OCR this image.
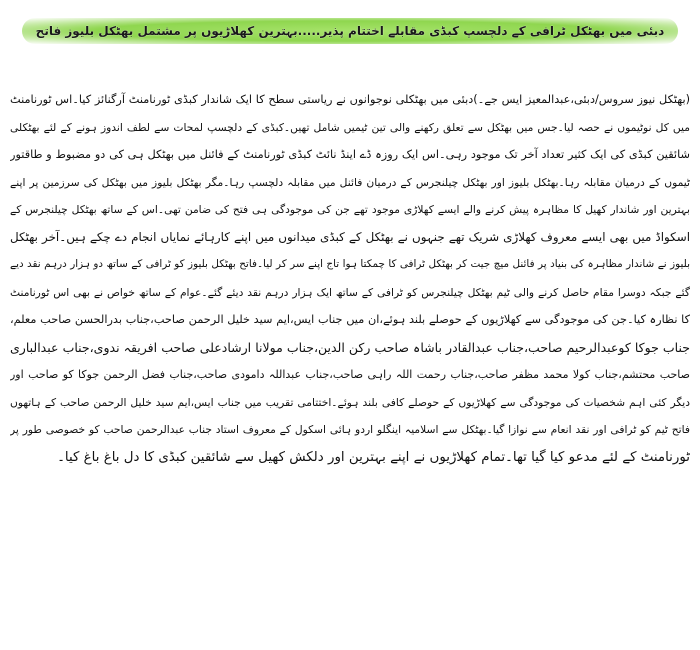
دبئی میں بھٹکل ٹرافی کے دلچسپ کبڈی مقابلے اختتام پذیر.....بہترین کھلاڑیوں پر مشتمل بھٹکل بلیوز فاتح
(بھٹکل نیوز سروس/دبئی،عبدالمعیز ایس جے۔)دبئی میں بھٹکلی نوجوانوں نے ریاستی سطح کا ایک شاندار کبڈی ٹورنامنٹ آرگنائز کیا۔اس ٹورنامنٹ
میں کل نوٹیموں نے حصہ لیا۔جس میں بھٹکل سے تعلق رکھنے والی تین ٹیمیں شامل تھیں۔کبڈی کے دلچسپ لمحات سے لطف اندوز ہونے کے لئے بھٹکلی
شائقین کبڈی کی ایک کثیر تعداد آخر تک موجود رہی۔اس ایک روزہ ڈے اینڈ نائٹ کبڈی ٹورنامنٹ کے فائنل میں بھٹکل ہی کی دو مضبوط و طاقتور
ٹیموں کے درمیان مقابلہ رہا۔بھٹکل بلیوز اور بھٹکل چیلنجرس کے درمیان فائنل میں مقابلہ دلچسپ رہا۔مگر بھٹکل بلیوز میں بھٹکل کی سرزمین پر اپنے
بہترین اور شاندار کھیل کا مظاہرہ پیش کرنے والے ایسے کھلاڑی موجود تھے جن کی موجودگی ہی فتح کی ضامن تھی۔اس کے ساتھ بھٹکل چیلنجرس کے
اسکواڈ میں بھی ایسے معروف کھلاڑی شریک تھے جنہوں نے بھٹکل کے کبڈی میدانوں میں اپنے کارہائے نمایاں انجام دے چکے ہیں۔آخر بھٹکل
بلیوز نے شاندار مظاہرہ کی بنیاد پر فائنل میچ جیت کر بھٹکل ٹرافی کا چمکتا ہوا تاج اپنے سر کر لیا۔فاتح بھٹکل بلیوز کو ٹرافی کے ساتھ دو ہزار درہم نقد دیے
گئے جبکہ دوسرا مقام حاصل کرنے والی ٹیم بھٹکل چیلنجرس کو ٹرافی کے ساتھ ایک ہزار درہم نقد دیئے گئے۔عوام کے ساتھ خواص نے بھی اس ٹورنامنٹ
کا نظارہ کیا۔جن کی موجودگی سے کھلاڑیوں کے حوصلے بلند ہوئے،ان میں جناب ایس،ایم سید خلیل الرحمن صاحب،جناب بدرالحسن صاحب معلم،
جناب جوکا کوعبدالرحیم صاحب،جناب عبدالقادر باشاہ صاحب رکن الدین،جناب مولانا ارشادعلی صاحب افریقہ ندوی،جناب عبدالباری
صاحب محتشم،جناب کولا محمد مظفر صاحب،جناب رحمت اللہ راہی صاحب،جناب عبداللہ دامودی صاحب،جناب فضل الرحمن جوکا کو صاحب اور
دیگر کئی اہم شخصیات کی موجودگی سے کھلاڑیوں کے حوصلے کافی بلند ہوئے۔اختتامی تقریب میں جناب ایس،ایم سید خلیل الرحمن صاحب کے ہاتھوں
فاتح ٹیم کو ٹرافی اور نقد انعام سے نوازا گیا۔بھٹکل سے اسلامیہ اینگلو اردو ہائی اسکول کے معروف استاد جناب عبدالرحمن صاحب کو خصوصی طور پر
ٹورنامنٹ کے لئے مدعو کیا گیا تھا۔تمام کھلاڑیوں نے اپنے بہترین اور دلکش کھیل سے شائقین کبڈی کا دل باغ باغ کیا۔
